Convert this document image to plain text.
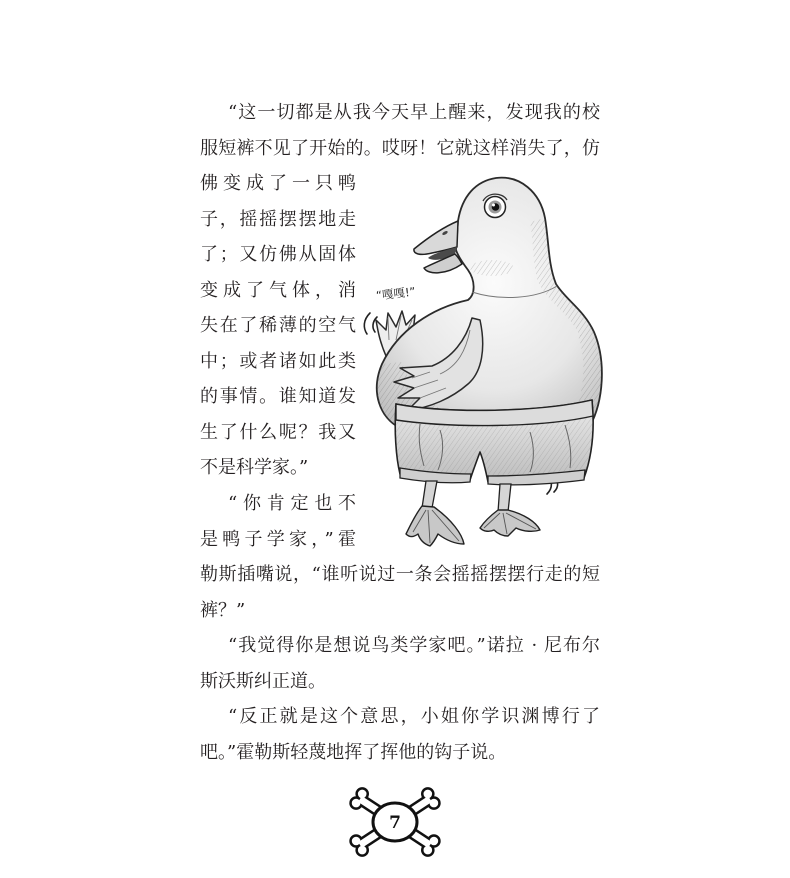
“这一切都是从我今天早上醒来，发现我的校
服短裤不见了开始的。哎呀！它就这样消失了，仿
佛变成了一只鸭
子，摇摇摆摆地走
了；又仿佛从固体
变成了气体，消
失在了稀薄的空气
中；或者诸如此类
的事情。谁知道发
生了什么呢？我又
不是科学家。”
“你肯定也不
是鸭子学家，”霍
勒斯插嘴说，“谁听说过一条会摇摇摆摆行走的短
裤？”
“我觉得你是想说鸟类学家吧。”诺拉 · 尼布尔
斯沃斯纠正道。
“反正就是这个意思，小姐你学识渊博行了
吧。”霍勒斯轻蔑地挥了挥他的钩子说。
“嘎嘎!”
7
